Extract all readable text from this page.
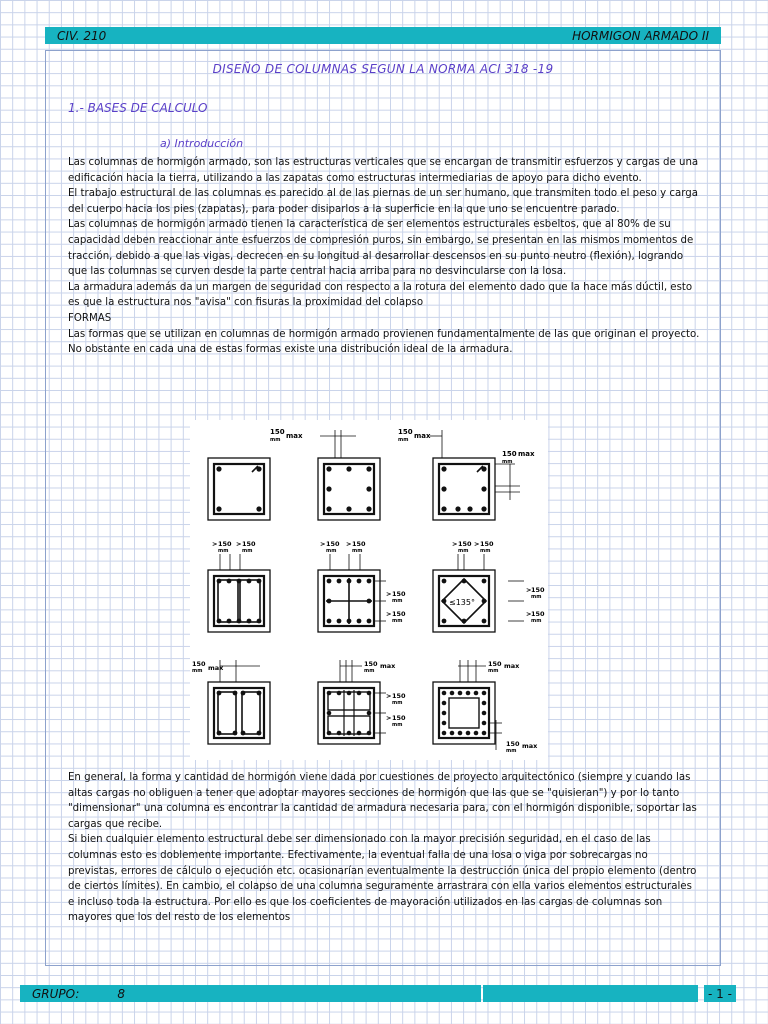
CIV. 210	HORMIGON ARMADO II
DISEÑO DE COLUMNAS SEGUN LA NORMA ACI 318 -19
1.- BASES DE CALCULO
a) Introducción

Las columnas de hormigón armado, son las estructuras verticales que se encargan de transmitir esfuerzos y cargas de una edificación hacia la tierra, utilizando a las zapatas como estructuras intermediarias de apoyo para dicho evento.

El trabajo estructural de las columnas es parecido al de las piernas de un ser humano, que transmiten todo el peso y carga del cuerpo hacia los pies (zapatas), para poder disiparlos a la superficie en la que uno se encuentre parado.

Las columnas de hormigón armado tienen la característica de ser elementos estructurales esbeltos, que al 80% de su capacidad deben reaccionar ante esfuerzos de compresión puros, sin embargo, se presentan en las mismos momentos de tracción, debido a que las vigas, decrecen en su longitud al desarrollar descensos en su punto neutro (flexión), logrando que las columnas se curven desde la parte central hacia arriba para no desvincularse con la losa.

La armadura además da un margen de seguridad con respecto a la rotura del elemento dado que la hace más dúctil, esto es que la estructura nos "avisa" con fisuras la proximidad del colapso

FORMAS

Las formas que se utilizan en columnas de hormigón armado provienen fundamentalmente de las que originan el proyecto. No obstante en cada una de estas formas existe una distribución ideal de la armadura.

150
150
mm max	150
mm max
150
mm
max
≤135°
> 150
mm
> 150
mm
> 150
mm
> 150
mm
> 150
mm
> 150
mm
> 150
mm
> 150
mm
> 150
mm
> 150
mm
150
mm max	150
mm
max	150
mm
max
> 150
mm
> 150
mm
150
mm
max

En general, la forma y cantidad de hormigón viene dada por cuestiones de proyecto arquitectónico (siempre y cuando las altas cargas no obliguen a tener que adoptar mayores secciones de hormigón que las que se "quisieran") y por lo tanto "dimensionar" una columna es encontrar la cantidad de armadura necesaria para, con el hormigón disponible, soportar las cargas que recibe.

Si bien cualquier elemento estructural debe ser dimensionado con la mayor precisión seguridad, en el caso de las columnas esto es doblemente importante. Efectivamente, la eventual falla de una losa o viga por sobrecargas no previstas, errores de cálculo o ejecución etc. ocasionarían eventualmente la destrucción única del propio elemento (dentro de ciertos límites). En cambio, el colapso de una columna seguramente arrastrara con ella varios elementos estructurales e incluso toda la estructura. Por ello es que los coeficientes de mayoración utilizados en las cargas de columnas son mayores que los del resto de los elementos

GRUPO:	8	- 1 -
